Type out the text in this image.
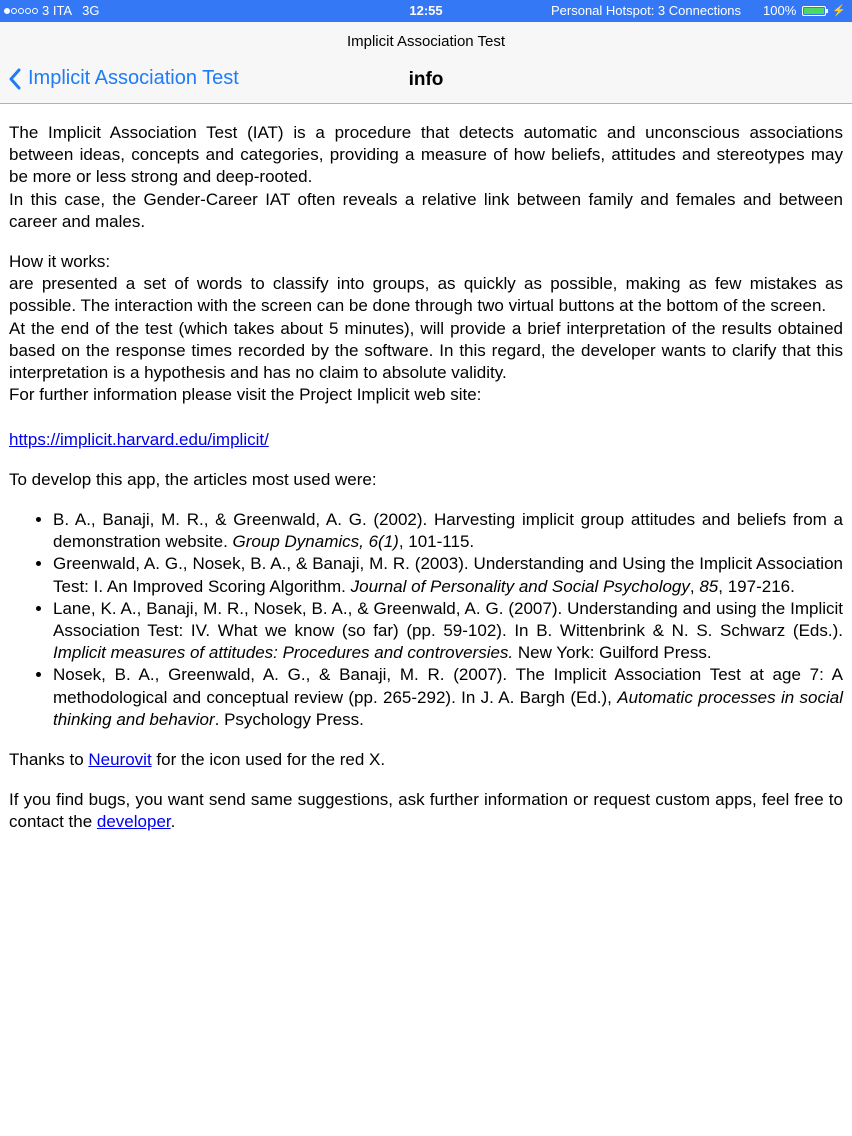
3 ITA 3G	12:55	Personal Hotspot: 3 Connections 100%	⚡
Implicit Association Test
Implicit Association Test	info

The Implicit Association Test (IAT) is a procedure that detects automatic and unconscious associations between ideas, concepts and categories, providing a measure of how beliefs, attitudes and stereotypes may be more or less strong and deep-rooted.
In this case, the Gender-Career IAT often reveals a relative link between family and females and between career and males.

How it works:
are presented a set of words to classify into groups, as quickly as possible, making as few mistakes as possible. The interaction with the screen can be done through two virtual buttons at the bottom of the screen.
At the end of the test (which takes about 5 minutes), will provide a brief interpretation of the results obtained based on the response times recorded by the software. In this regard, the developer wants to clarify that this interpretation is a hypothesis and has no claim to absolute validity.
For further information please visit the Project Implicit web site:

https://implicit.harvard.edu/implicit/

To develop this app, the articles most used were:

• B. A., Banaji, M. R., & Greenwald, A. G. (2002). Harvesting implicit group attitudes and beliefs from a demonstration website. Group Dynamics, 6(1), 101-115.
• Greenwald, A. G., Nosek, B. A., & Banaji, M. R. (2003). Understanding and Using the Implicit Association Test: I. An Improved Scoring Algorithm. Journal of Personality and Social Psychology, 85, 197-216.
• Lane, K. A., Banaji, M. R., Nosek, B. A., & Greenwald, A. G. (2007). Understanding and using the Implicit Association Test: IV. What we know (so far) (pp. 59-102). In B. Wittenbrink & N. S. Schwarz (Eds.). Implicit measures of attitudes: Procedures and controversies. New York: Guilford Press.
• Nosek, B. A., Greenwald, A. G., & Banaji, M. R. (2007). The Implicit Association Test at age 7: A methodological and conceptual review (pp. 265-292). In J. A. Bargh (Ed.), Automatic processes in social thinking and behavior. Psychology Press.

Thanks to Neurovit for the icon used for the red X.

If you find bugs, you want send same suggestions, ask further information or request custom apps, feel free to contact the developer.
